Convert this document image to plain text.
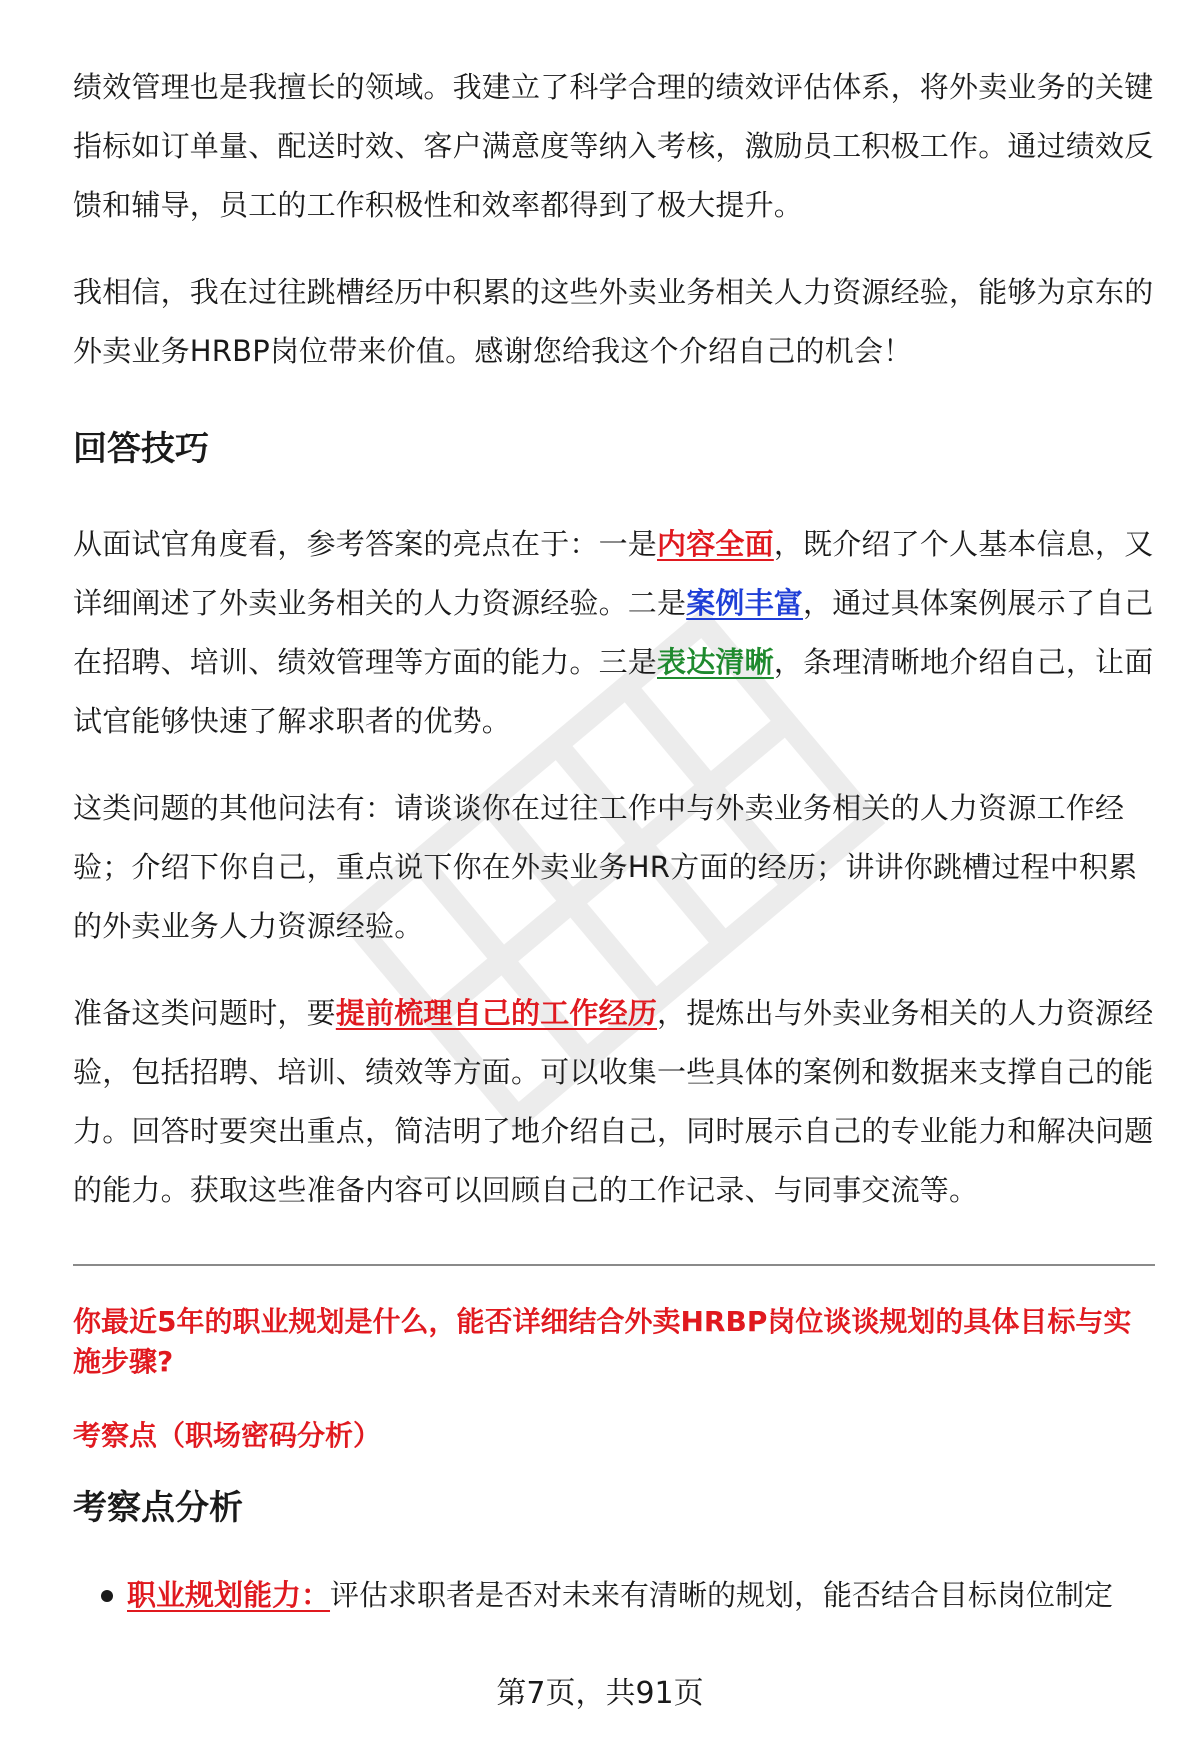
绩效管理也是我擅长的领域。我建立了科学合理的绩效评估体系，将外卖业务的关键指标如订单量、配送时效、客户满意度等纳入考核，激励员工积极工作。通过绩效反馈和辅导，员工的工作积极性和效率都得到了极大提升。

我相信，我在过往跳槽经历中积累的这些外卖业务相关人力资源经验，能够为京东的外卖业务HRBP岗位带来价值。感谢您给我这个介绍自己的机会！

回答技巧

从面试官角度看，参考答案的亮点在于：一是内容全面，既介绍了个人基本信息，又详细阐述了外卖业务相关的人力资源经验。二是案例丰富，通过具体案例展示了自己在招聘、培训、绩效管理等方面的能力。三是表达清晰，条理清晰地介绍自己，让面试官能够快速了解求职者的优势。

这类问题的其他问法有：请谈谈你在过往工作中与外卖业务相关的人力资源工作经验；介绍下你自己，重点说下你在外卖业务HR方面的经历；讲讲你跳槽过程中积累的外卖业务人力资源经验。

准备这类问题时，要提前梳理自己的工作经历，提炼出与外卖业务相关的人力资源经验，包括招聘、培训、绩效等方面。可以收集一些具体的案例和数据来支撑自己的能力。回答时要突出重点，简洁明了地介绍自己，同时展示自己的专业能力和解决问题的能力。获取这些准备内容可以回顾自己的工作记录、与同事交流等。

你最近5年的职业规划是什么，能否详细结合外卖HRBP岗位谈谈规划的具体目标与实施步骤?
考察点（职场密码分析）
考察点分析
职业规划能力：评估求职者是否对未来有清晰的规划，能否结合目标岗位制定
第7页，共91页
